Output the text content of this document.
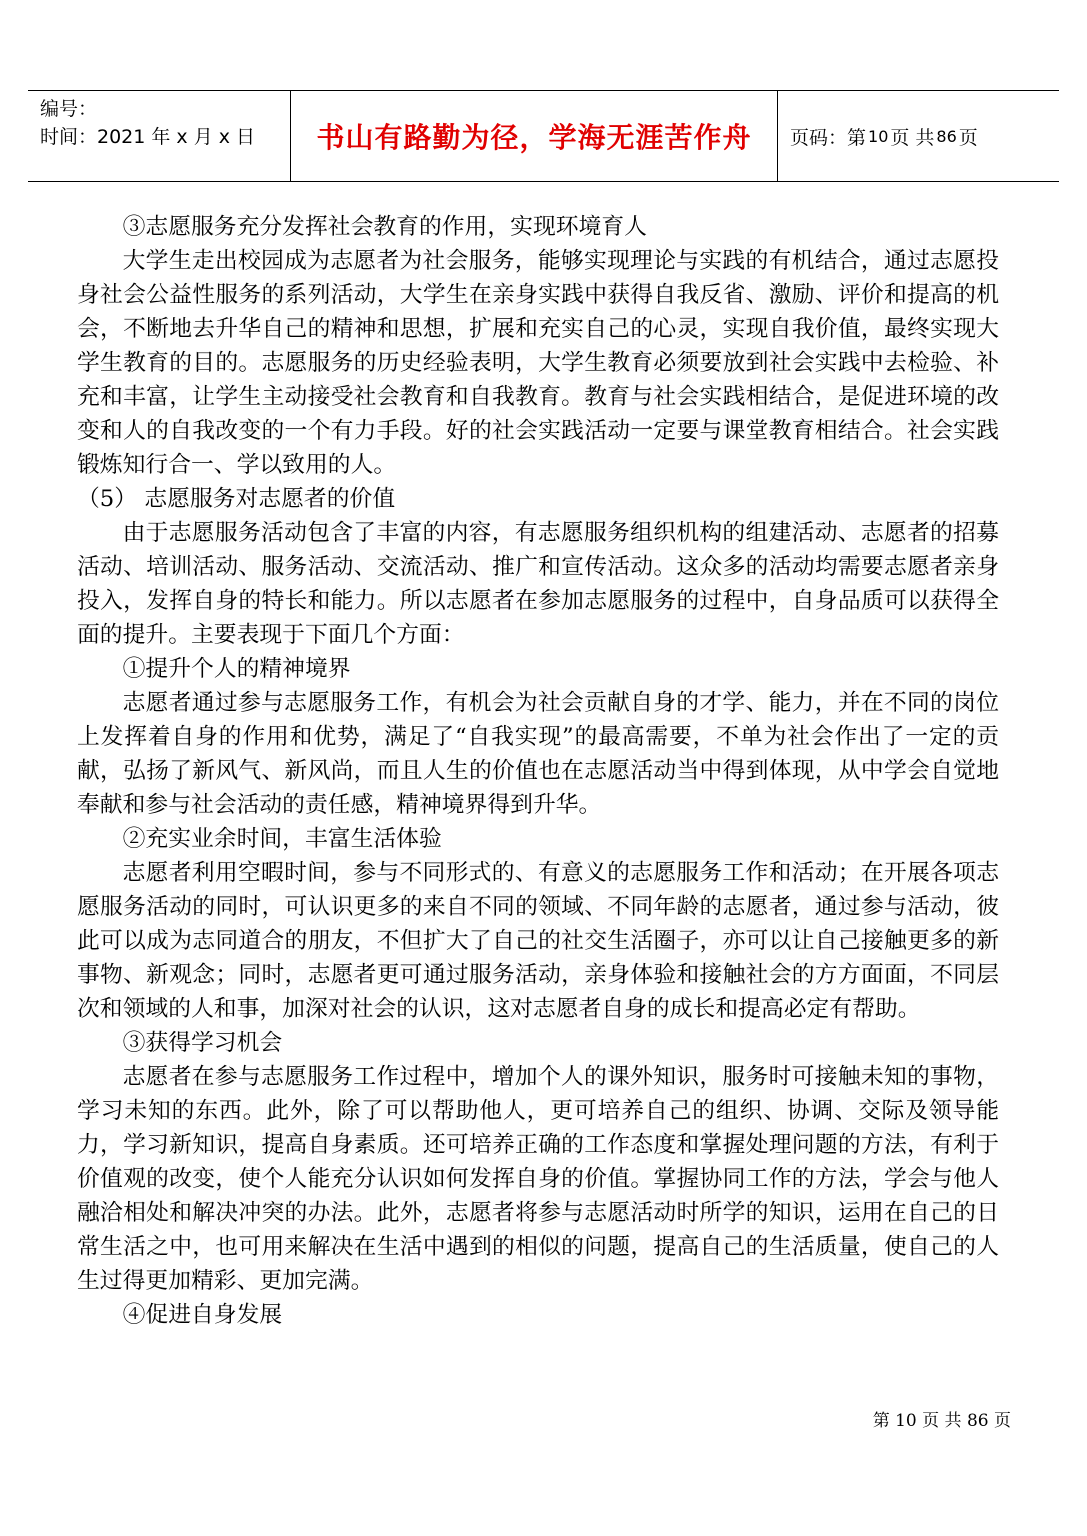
编号：
时间：2021 年 x 月 x 日	书山有路勤为径，学海无涯苦作舟 页码：第 10 页 共 86 页

③志愿服务充分发挥社会教育的作用，实现环境育人

大学生走出校园成为志愿者为社会服务，能够实现理论与实践的有机结合，通过志愿投身社会公益性服务的系列活动，大学生在亲身实践中获得自我反省、激励、评价和提高的机会，不断地去升华自己的精神和思想，扩展和充实自己的心灵，实现自我价值，最终实现大学生教育的目的。志愿服务的历史经验表明，大学生教育必须要放到社会实践中去检验、补充和丰富，让学生主动接受社会教育和自我教育。教育与社会实践相结合，是促进环境的改变和人的自我改变的一个有力手段。好的社会实践活动一定要与课堂教育相结合。社会实践锻炼知行合一、学以致用的人。

（5） 志愿服务对志愿者的价值

由于志愿服务活动包含了丰富的内容，有志愿服务组织机构的组建活动、志愿者的招募活动、培训活动、服务活动、交流活动、推广和宣传活动。这众多的活动均需要志愿者亲身投入，发挥自身的特长和能力。所以志愿者在参加志愿服务的过程中，自身品质可以获得全面的提升。主要表现于下面几个方面：

①提升个人的精神境界

志愿者通过参与志愿服务工作，有机会为社会贡献自身的才学、能力，并在不同的岗位上发挥着自身的作用和优势，满足了“自我实现”的最高需要，不单为社会作出了一定的贡献，弘扬了新风气、新风尚，而且人生的价值也在志愿活动当中得到体现，从中学会自觉地奉献和参与社会活动的责任感，精神境界得到升华。

②充实业余时间，丰富生活体验

志愿者利用空暇时间，参与不同形式的、有意义的志愿服务工作和活动；在开展各项志愿服务活动的同时，可认识更多的来自不同的领域、不同年龄的志愿者，通过参与活动，彼此可以成为志同道合的朋友，不但扩大了自己的社交生活圈子，亦可以让自己接触更多的新事物、新观念；同时，志愿者更可通过服务活动，亲身体验和接触社会的方方面面，不同层次和领域的人和事，加深对社会的认识，这对志愿者自身的成长和提高必定有帮助。

③获得学习机会

志愿者在参与志愿服务工作过程中，增加个人的课外知识，服务时可接触未知的事物，学习未知的东西。此外，除了可以帮助他人，更可培养自己的组织、协调、交际及领导能力，学习新知识，提高自身素质。还可培养正确的工作态度和掌握处理问题的方法，有利于价值观的改变，使个人能充分认识如何发挥自身的价值。掌握协同工作的方法，学会与他人融洽相处和解决冲突的办法。此外，志愿者将参与志愿活动时所学的知识，运用在自己的日常生活之中，也可用来解决在生活中遇到的相似的问题，提高自己的生活质量，使自己的人生过得更加精彩、更加完满。

④促进自身发展

第 10 页 共 86 页
